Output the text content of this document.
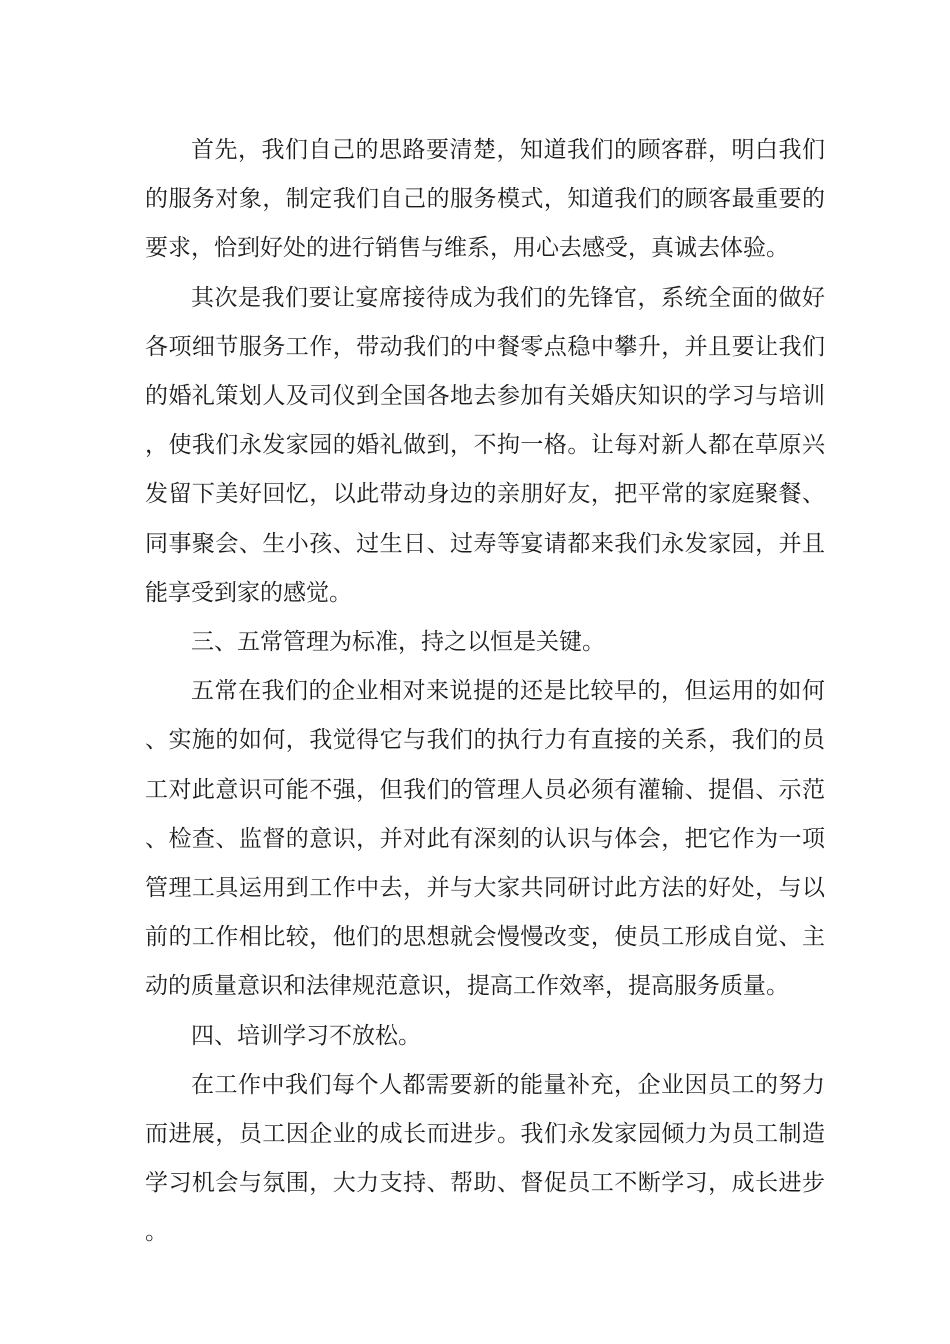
首先，我们自己的思路要清楚，知道我们的顾客群，明白我们的服务对象，制定我们自己的服务模式，知道我们的顾客最重要的要求，恰到好处的进行销售与维系，用心去感受，真诚去体验。

其次是我们要让宴席接待成为我们的先锋官，系统全面的做好各项细节服务工作，带动我们的中餐零点稳中攀升，并且要让我们的婚礼策划人及司仪到全国各地去参加有关婚庆知识的学习与培训，使我们永发家园的婚礼做到，不拘一格。让每对新人都在草原兴发留下美好回忆，以此带动身边的亲朋好友，把平常的家庭聚餐、同事聚会、生小孩、过生日、过寿等宴请都来我们永发家园，并且能享受到家的感觉。

三、五常管理为标准，持之以恒是关键。

五常在我们的企业相对来说提的还是比较早的，但运用的如何、实施的如何，我觉得它与我们的执行力有直接的关系，我们的员工对此意识可能不强，但我们的管理人员必须有灌输、提倡、示范、检查、监督的意识，并对此有深刻的认识与体会，把它作为一项管理工具运用到工作中去，并与大家共同研讨此方法的好处，与以前的工作相比较，他们的思想就会慢慢改变，使员工形成自觉、主动的质量意识和法律规范意识，提高工作效率，提高服务质量。

四、培训学习不放松。

在工作中我们每个人都需要新的能量补充，企业因员工的努力而进展，员工因企业的成长而进步。我们永发家园倾力为员工制造学习机会与氛围，大力支持、帮助、督促员工不断学习，成长进步。
